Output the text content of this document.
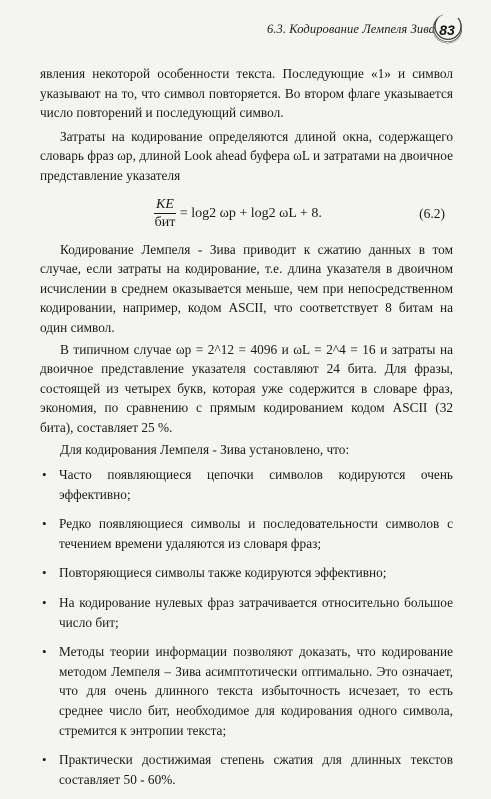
6.3. Кодирование Лемпеля Зива 83

явления некоторой особенности текста. Последующие «1» и символ указывают на то, что символ повторяется. Во втором флаге указывается число повторений и последующий символ.

Затраты на кодирование определяются длиной окна, содержащего словарь фраз ωp, длиной Look ahead буфера ωL и затратами на двоичное представление указателя

$\frac{KE}{\text{бит}} = \log 2$ ωp + log2 ωL + 8.	(6.2)

Кодирование Лемпеля - Зива приводит к сжатию данных в том случае, если затраты на кодирование, т.е. длина указателя в двоичном исчислении в среднем оказывается меньше, чем при непосредственном кодировании, например, кодом ASCII, что соответствует 8 битам на один символ.

В типичном случае ωp = 2^12 = 4096 и ωL = 2^4 = 16 и затраты на двоичное представление указателя составляют 24 бита. Для фразы, состоящей из четырех букв, которая уже содержится в словаре фраз, экономия, по сравнению с прямым кодированием кодом ASCII (32 бита), составляет 25 %.

Для кодирования Лемпеля - Зива установлено, что:

• Часто появляющиеся цепочки символов кодируются очень эффективно;
• Редко появляющиеся символы и последовательности символов с течением времени удаляются из словаря фраз;
• Повторяющиеся символы также кодируются эффективно;
• На кодирование нулевых фраз затрачивается относительно большое число бит;
• Методы теории информации позволяют доказать, что кодирование методом Лемпеля – Зива асимптотически оптимально. Это означает, что для очень длинного текста избыточность исчезает, то есть среднее число бит, необходимое для кодирования одного символа, стремится к энтропии текста;
• Практически достижимая степень сжатия для длинных текстов составляет 50 - 60%.
